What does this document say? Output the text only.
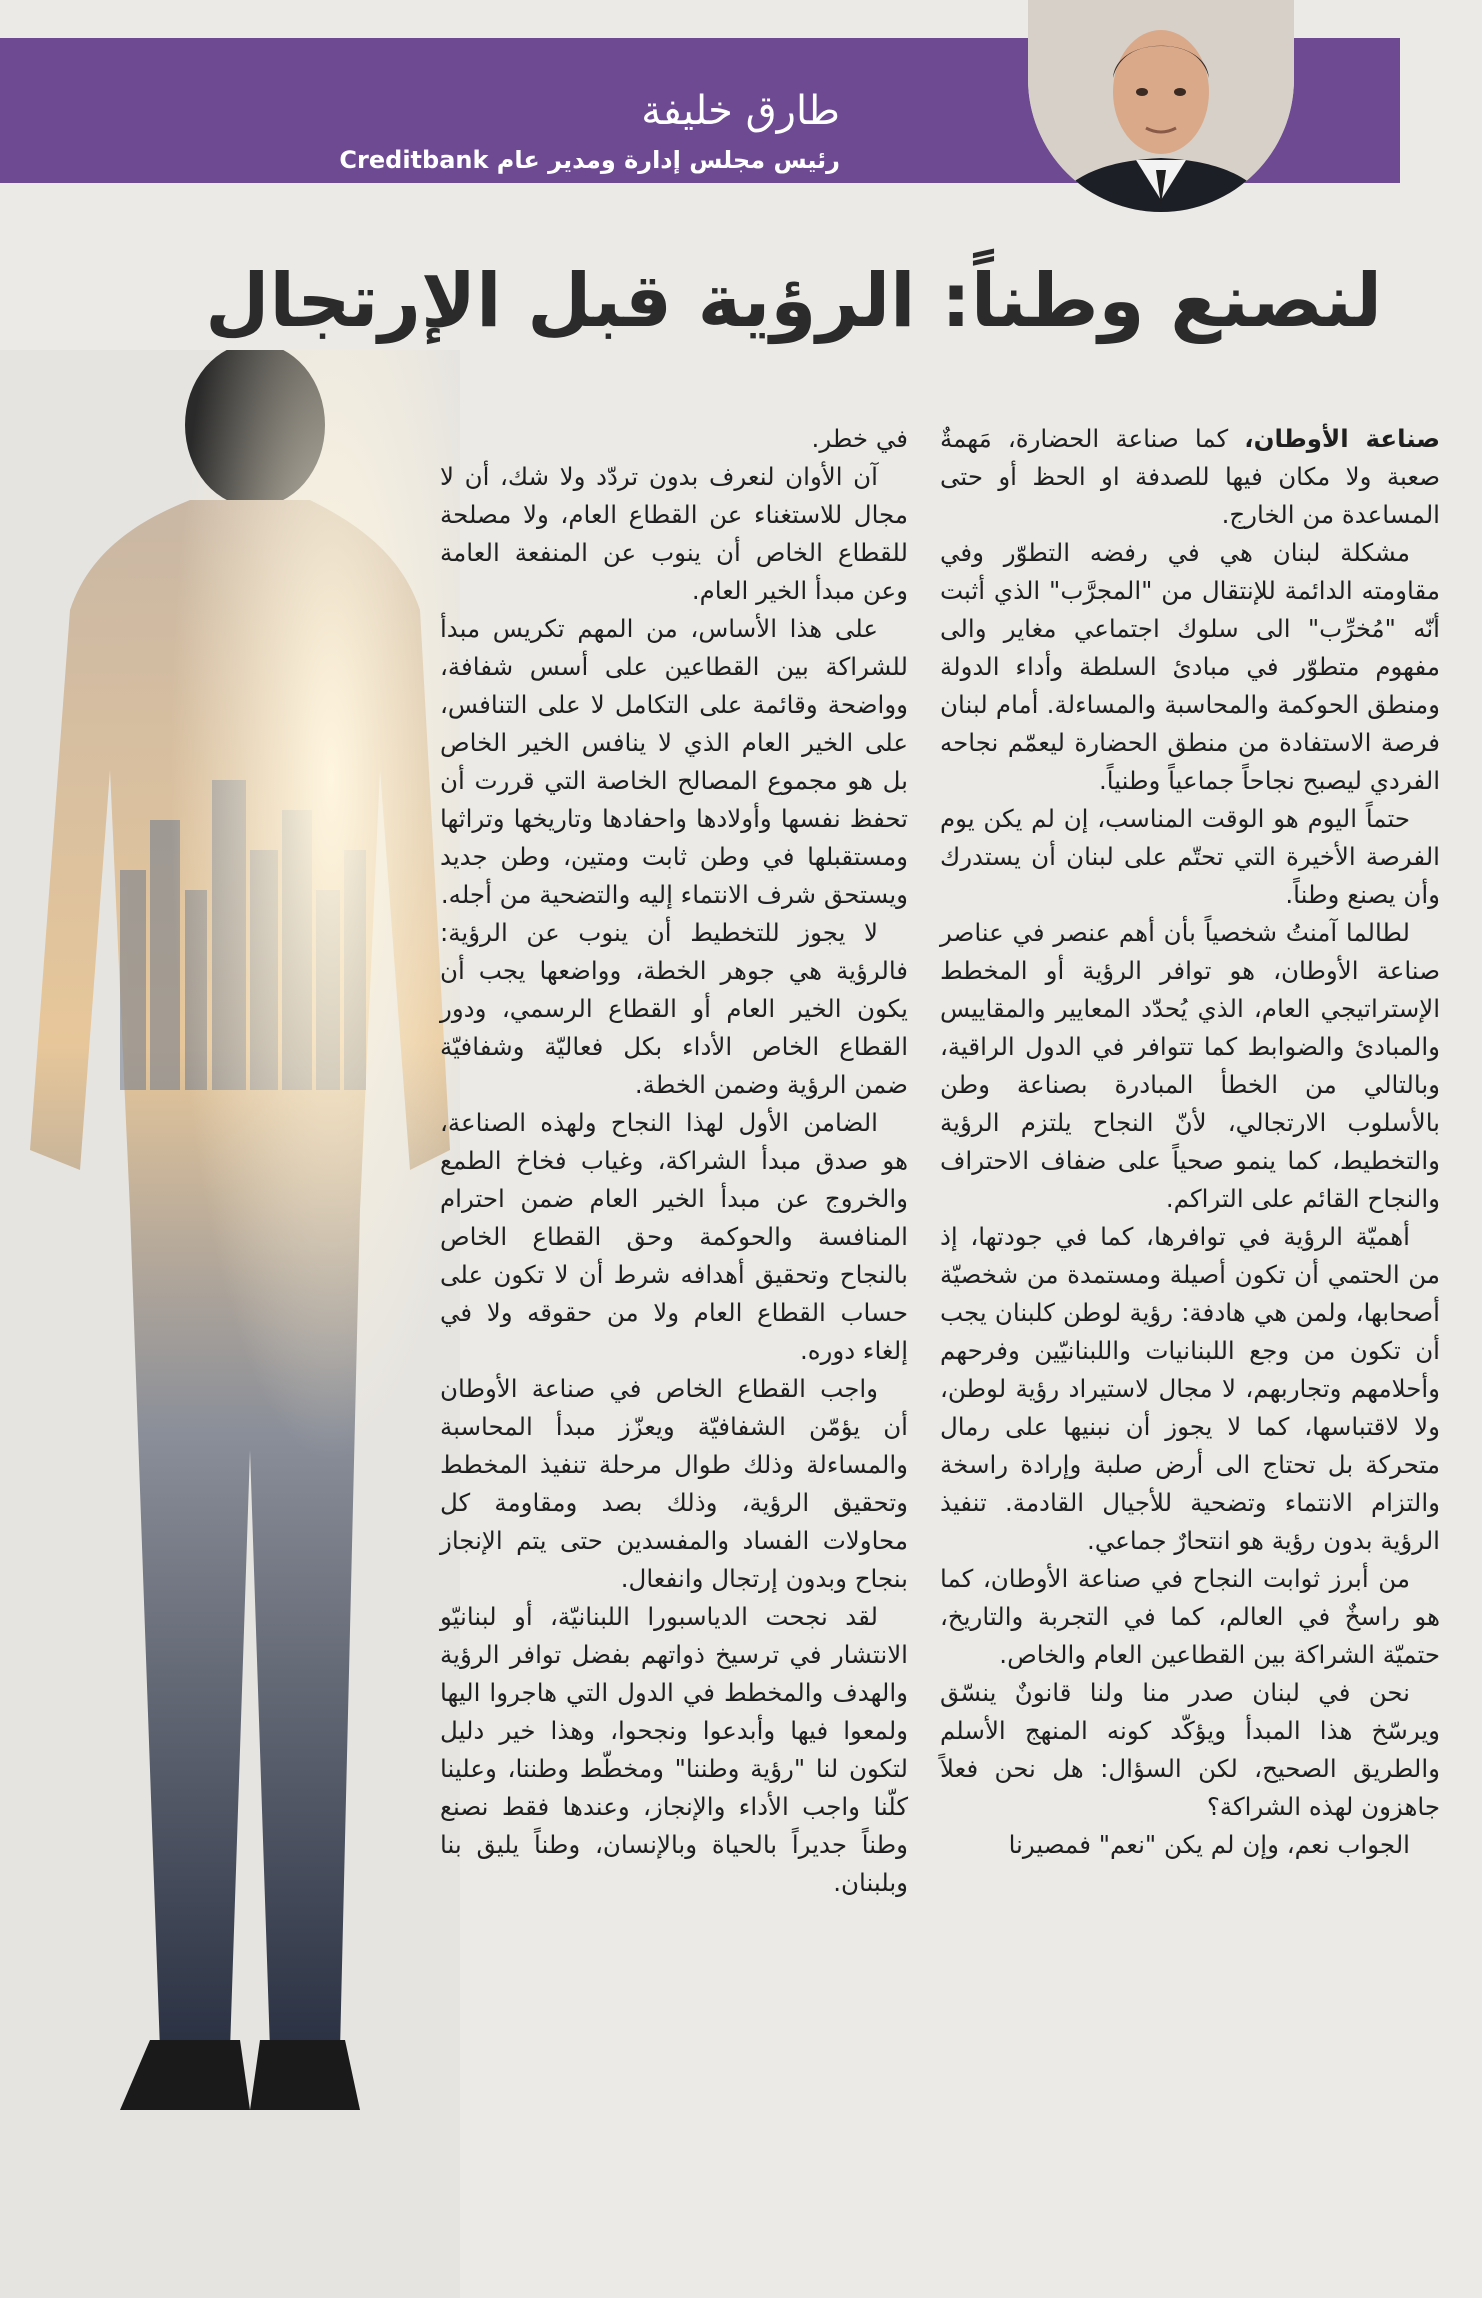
طارق خليفة
رئيس مجلس إدارة ومدير عام Creditbank
لنصنع وطناً: الرؤية قبل الإرتجال

صناعة الأوطان، كما صناعة الحضارة، مَهمةٌ صعبة ولا مكان فيها للصدفة او الحظ أو حتى المساعدة من الخارج.

مشكلة لبنان هي في رفضه التطوّر وفي مقاومته الدائمة للإنتقال من "المجرَّب" الذي أثبت أنّه "مُخرِّب" الى سلوك اجتماعي مغاير والى مفهوم متطوّر في مبادئ السلطة وأداء الدولة ومنطق الحوكمة والمحاسبة والمساءلة. أمام لبنان فرصة الاستفادة من منطق الحضارة ليعمّم نجاحه الفردي ليصبح نجاحاً جماعياً وطنياً.

حتماً اليوم هو الوقت المناسب، إن لم يكن يوم الفرصة الأخيرة التي تحتّم على لبنان أن يستدرك وأن يصنع وطناً.

لطالما آمنتُ شخصياً بأن أهم عنصر في عناصر صناعة الأوطان، هو توافر الرؤية أو المخطط الإستراتيجي العام، الذي يُحدّد المعايير والمقاييس والمبادئ والضوابط كما تتوافر في الدول الراقية، وبالتالي من الخطأ المبادرة بصناعة وطن بالأسلوب الارتجالي، لأنّ النجاح يلتزم الرؤية والتخطيط، كما ينمو صحياً على ضفاف الاحتراف والنجاح القائم على التراكم.

أهميّة الرؤية في توافرها، كما في جودتها، إذ من الحتمي أن تكون أصيلة ومستمدة من شخصيّة أصحابها، ولمن هي هادفة: رؤية لوطن كلبنان يجب أن تكون من وجع اللبنانيات واللبنانيّين وفرحهم وأحلامهم وتجاربهم، لا مجال لاستيراد رؤية لوطن، ولا لاقتباسها، كما لا يجوز أن نبنيها على رمال متحركة بل تحتاج الى أرض صلبة وإرادة راسخة والتزام الانتماء وتضحية للأجيال القادمة. تنفيذ الرؤية بدون رؤية هو انتحارٌ جماعي.

من أبرز ثوابت النجاح في صناعة الأوطان، كما هو راسخٌ في العالم، كما في التجربة والتاريخ، حتميّة الشراكة بين القطاعين العام والخاص.

نحن في لبنان صدر منا ولنا قانونٌ ينسّق ويرسّخ هذا المبدأ ويؤكّد كونه المنهج الأسلم والطريق الصحيح، لكن السؤال: هل نحن فعلاً جاهزون لهذه الشراكة؟

الجواب نعم، وإن لم يكن "نعم" فمصيرنا

في خطر.

آن الأوان لنعرف بدون تردّد ولا شك، أن لا مجال للاستغناء عن القطاع العام، ولا مصلحة للقطاع الخاص أن ينوب عن المنفعة العامة وعن مبدأ الخير العام.

على هذا الأساس، من المهم تكريس مبدأ للشراكة بين القطاعين على أسس شفافة، وواضحة وقائمة على التكامل لا على التنافس، على الخير العام الذي لا ينافس الخير الخاص بل هو مجموع المصالح الخاصة التي قررت أن تحفظ نفسها وأولادها واحفادها وتاريخها وتراثها ومستقبلها في وطن ثابت ومتين، وطن جديد ويستحق شرف الانتماء إليه والتضحية من أجله.

لا يجوز للتخطيط أن ينوب عن الرؤية: فالرؤية هي جوهر الخطة، وواضعها يجب أن يكون الخير العام أو القطاع الرسمي، ودور القطاع الخاص الأداء بكل فعاليّة وشفافيّة ضمن الرؤية وضمن الخطة.

الضامن الأول لهذا النجاح ولهذه الصناعة، هو صدق مبدأ الشراكة، وغياب فخاخ الطمع والخروج عن مبدأ الخير العام ضمن احترام المنافسة والحوكمة وحق القطاع الخاص بالنجاح وتحقيق أهدافه شرط أن لا تكون على حساب القطاع العام ولا من حقوقه ولا في إلغاء دوره.

واجب القطاع الخاص في صناعة الأوطان أن يؤمّن الشفافيّة ويعزّز مبدأ المحاسبة والمساءلة وذلك طوال مرحلة تنفيذ المخطط وتحقيق الرؤية، وذلك بصد ومقاومة كل محاولات الفساد والمفسدين حتى يتم الإنجاز بنجاح وبدون إرتجال وانفعال.

لقد نجحت الدياسبورا اللبنانيّة، أو لبنانيّو الانتشار في ترسيخ ذواتهم بفضل توافر الرؤية والهدف والمخطط في الدول التي هاجروا اليها ولمعوا فيها وأبدعوا ونجحوا، وهذا خير دليل لتكون لنا "رؤية وطننا" ومخطّط وطننا، وعلينا كلّنا واجب الأداء والإنجاز، وعندها فقط نصنع وطناً جديراً بالحياة وبالإنسان، وطناً يليق بنا وبلبنان.
